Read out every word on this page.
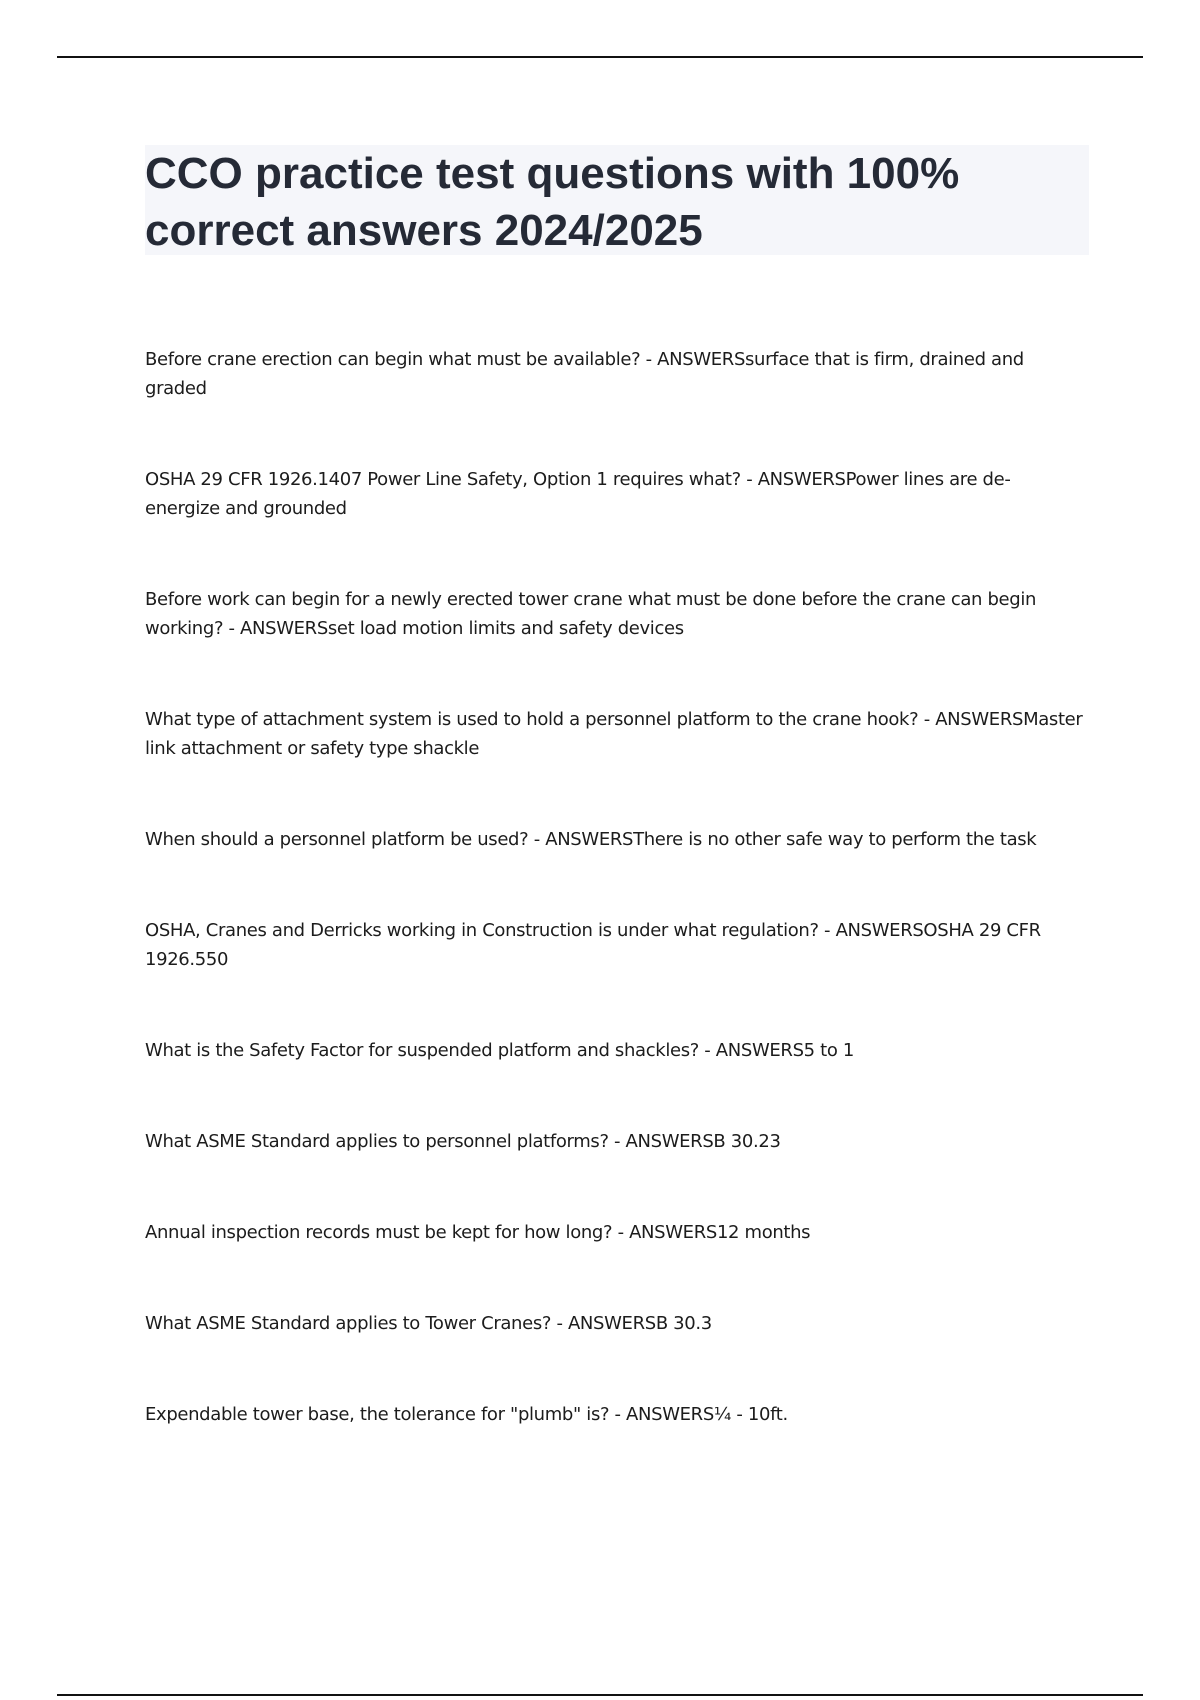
CCO practice test questions with 100% correct answers 2024/2025
Before crane erection can begin what must be available? - ANSWERSsurface that is firm, drained and graded
OSHA 29 CFR 1926.1407 Power Line Safety, Option 1 requires what? - ANSWERSPower lines are de-energize and grounded
Before work can begin for a newly erected tower crane what must be done before the crane can begin working? - ANSWERSset load motion limits and safety devices
What type of attachment system is used to hold a personnel platform to the crane hook? - ANSWERSMaster link attachment or safety type shackle
When should a personnel platform be used? - ANSWERSThere is no other safe way to perform the task
OSHA, Cranes and Derricks working in Construction is under what regulation? - ANSWERSOSHA 29 CFR 1926.550
What is the Safety Factor for suspended platform and shackles? - ANSWERS5 to 1
What ASME Standard applies to personnel platforms? - ANSWERSB 30.23
Annual inspection records must be kept for how long? - ANSWERS12 months
What ASME Standard applies to Tower Cranes? - ANSWERSB 30.3
Expendable tower base, the tolerance for "plumb" is? - ANSWERS¼ - 10ft.
